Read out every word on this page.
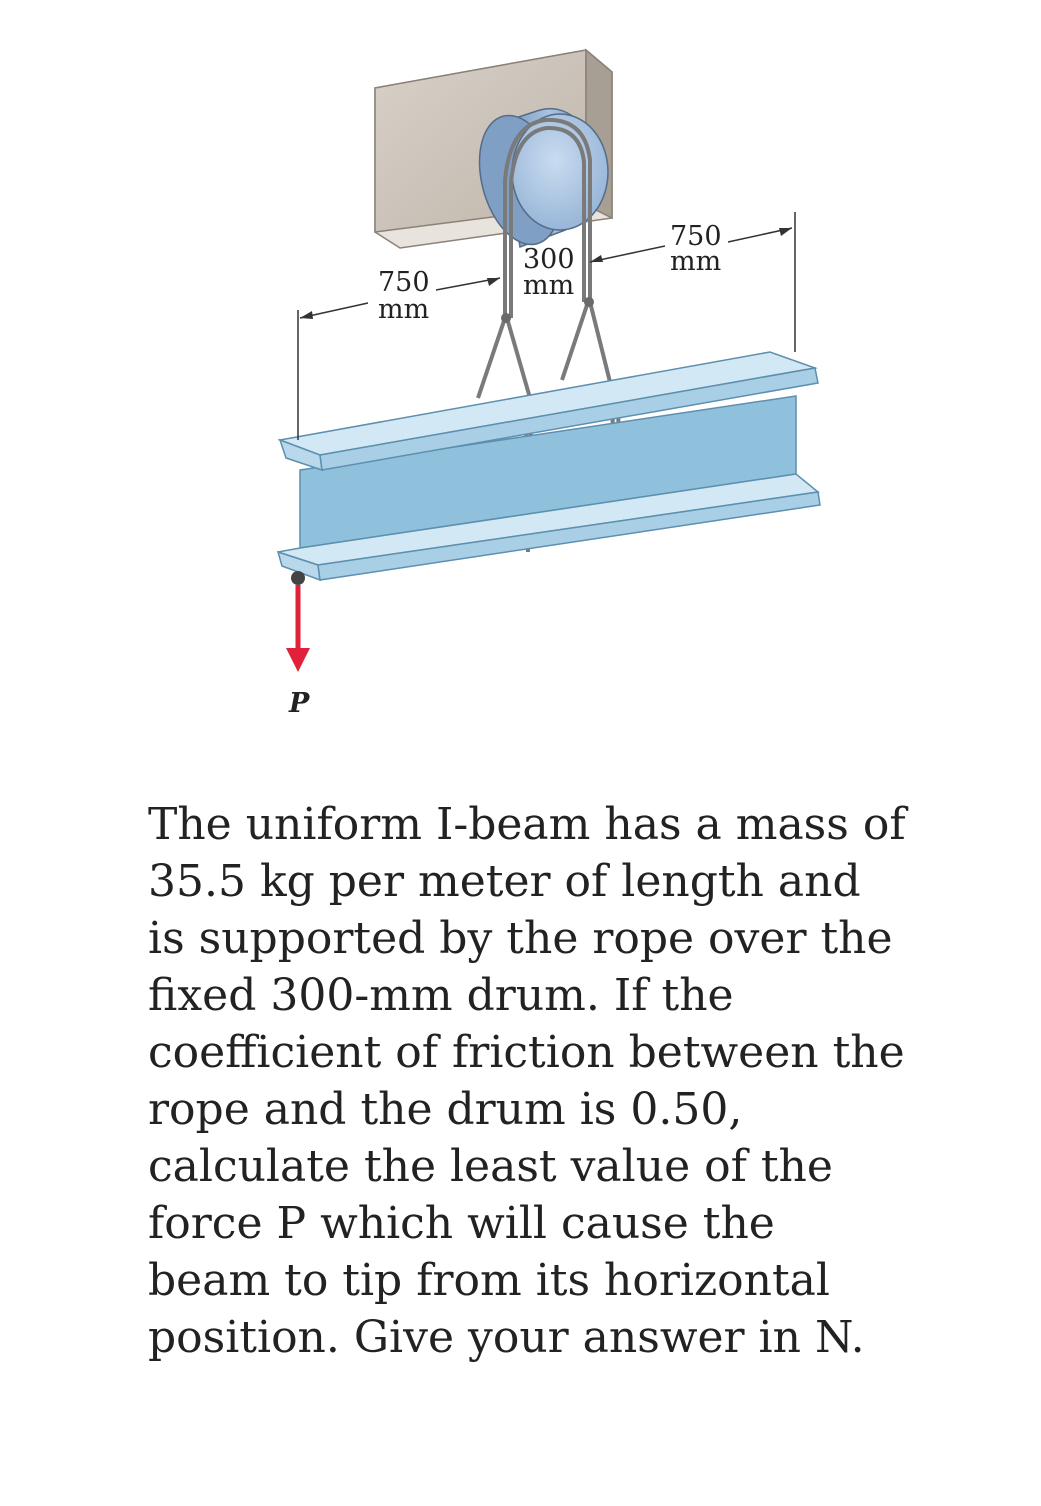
750
mm
300
mm
750
mm
P

The uniform I-beam has a mass of 35.5 kg per meter of length and is supported by the rope over the fixed 300-mm drum. If the coefficient of friction between the rope and the drum is 0.50, calculate the least value of the force P which will cause the beam to tip from its horizontal position. Give your answer in N.
